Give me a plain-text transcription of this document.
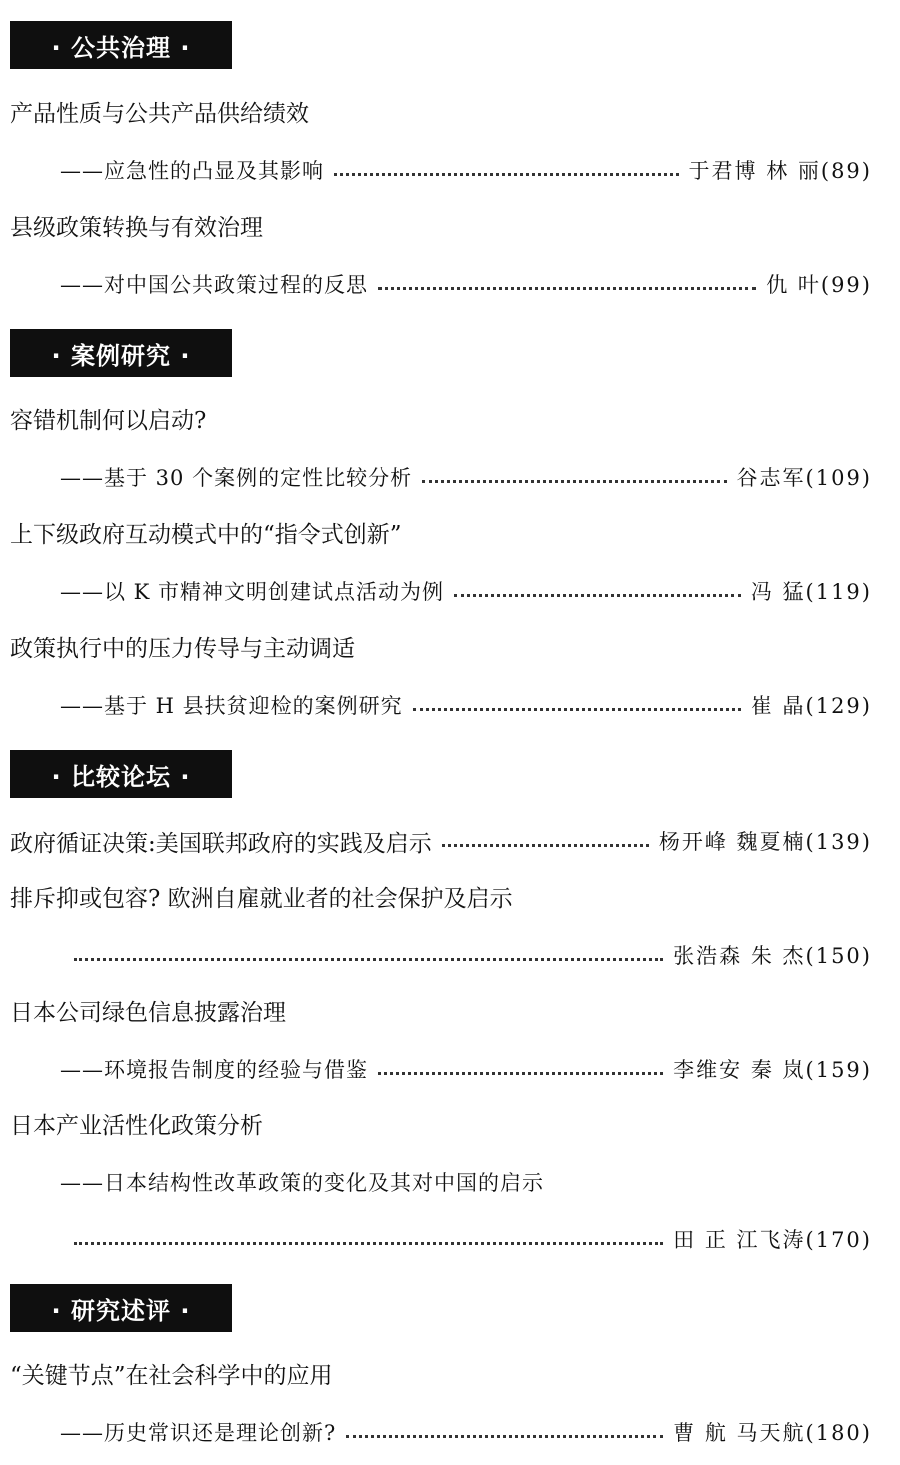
· 公共治理 ·
产品性质与公共产品供给绩效
——应急性的凸显及其影响	于君博 林 丽(89)
县级政策转换与有效治理
——对中国公共政策过程的反思	仇 叶(99)
· 案例研究 ·
容错机制何以启动?
——基于 30 个案例的定性比较分析	谷志军(109)
上下级政府互动模式中的“指令式创新”
——以 K 市精神文明创建试点活动为例	冯 猛(119)
政策执行中的压力传导与主动调适
——基于 H 县扶贫迎检的案例研究	崔 晶(129)
· 比较论坛 ·
政府循证决策:美国联邦政府的实践及启示	杨开峰 魏夏楠(139)
排斥抑或包容? 欧洲自雇就业者的社会保护及启示
张浩森 朱 杰(150)
日本公司绿色信息披露治理
——环境报告制度的经验与借鉴	李维安 秦 岚(159)
日本产业活性化政策分析
——日本结构性改革政策的变化及其对中国的启示
田 正 江飞涛(170)
· 研究述评 ·
“关键节点”在社会科学中的应用
——历史常识还是理论创新?	曹 航 马天航(180)
